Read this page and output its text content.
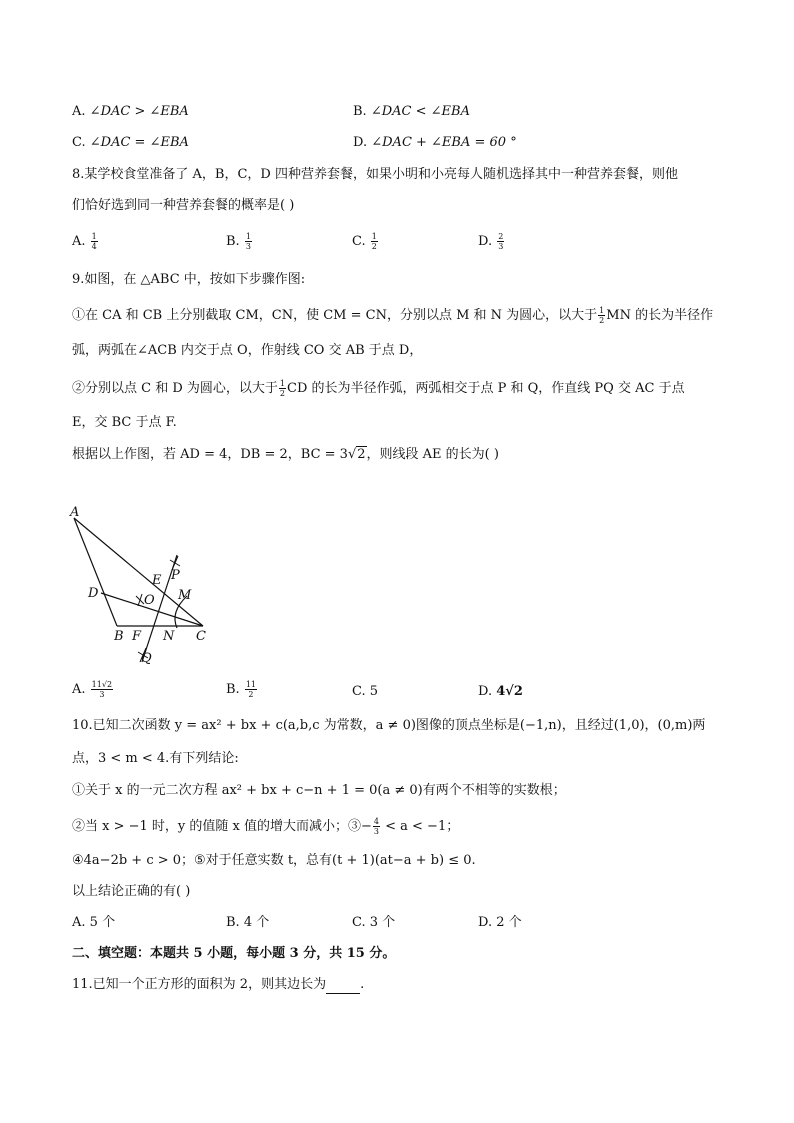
A. ∠DAC > ∠EBA	B. ∠DAC < ∠EBA
C. ∠DAC = ∠EBA	D. ∠DAC + ∠EBA = 60 °
8.某学校食堂准备了 A，B，C，D 四种营养套餐，如果小明和小亮每人随机选择其中一种营养套餐，则他
们恰好选到同一种营养套餐的概率是( )
A. $\frac{1}{4}$	B. $\frac{1}{3}$	C. $\frac{1}{2}$	D. $\frac{2}{3}$
9.如图，在 △ABC 中，按如下步骤作图:
①在 CA 和 CB 上分别截取 CM，CN，使 CM = CN，分别以点 M 和 N 为圆心，以大于 $\frac{1}{2}$ MN 的长为半径作
弧，两弧在∠ACB 内交于点 O，作射线 CO 交 AB 于点 D，
②分别以点 C 和 D 为圆心，以大于 $\frac{1}{2}$ CD 的长为半径作弧，两弧相交于点 P 和 Q，作直线 PQ 交 AC 于点
E，交 BC 于点 F.
根据以上作图，若 AD = 4，DB = 2，BC = 3√2，则线段 AE 的长为( )
A
D
E P
O M
B F N C
Q
A. $\frac{11√2}{3}$	B. $\frac{11}{2}$	C. 5	D. 4√2
10.已知二次函数 y = ax² + bx + c(a,b,c 为常数，a ≠ 0)图像的顶点坐标是(−1,n)，且经过(1,0)，(0,m)两
点，3 < m < 4.有下列结论:
①关于 x 的一元二次方程 ax² + bx + c−n + 1 = 0(a ≠ 0)有两个不相等的实数根；
②当 x > −1 时，y 的值随 x 值的增大而减小；③− $\frac{4}{3} < a < -1$；
④4a−2b + c > 0；⑤对于任意实数 t，总有(t + 1)(at−a + b) ≤ 0.
以上结论正确的有( )
A. 5 个	B. 4 个	C. 3 个	D. 2 个
二、填空题：本题共 5 小题，每小题 3 分，共 15 分。
11.已知一个正方形的面积为 2，则其边长为	.
